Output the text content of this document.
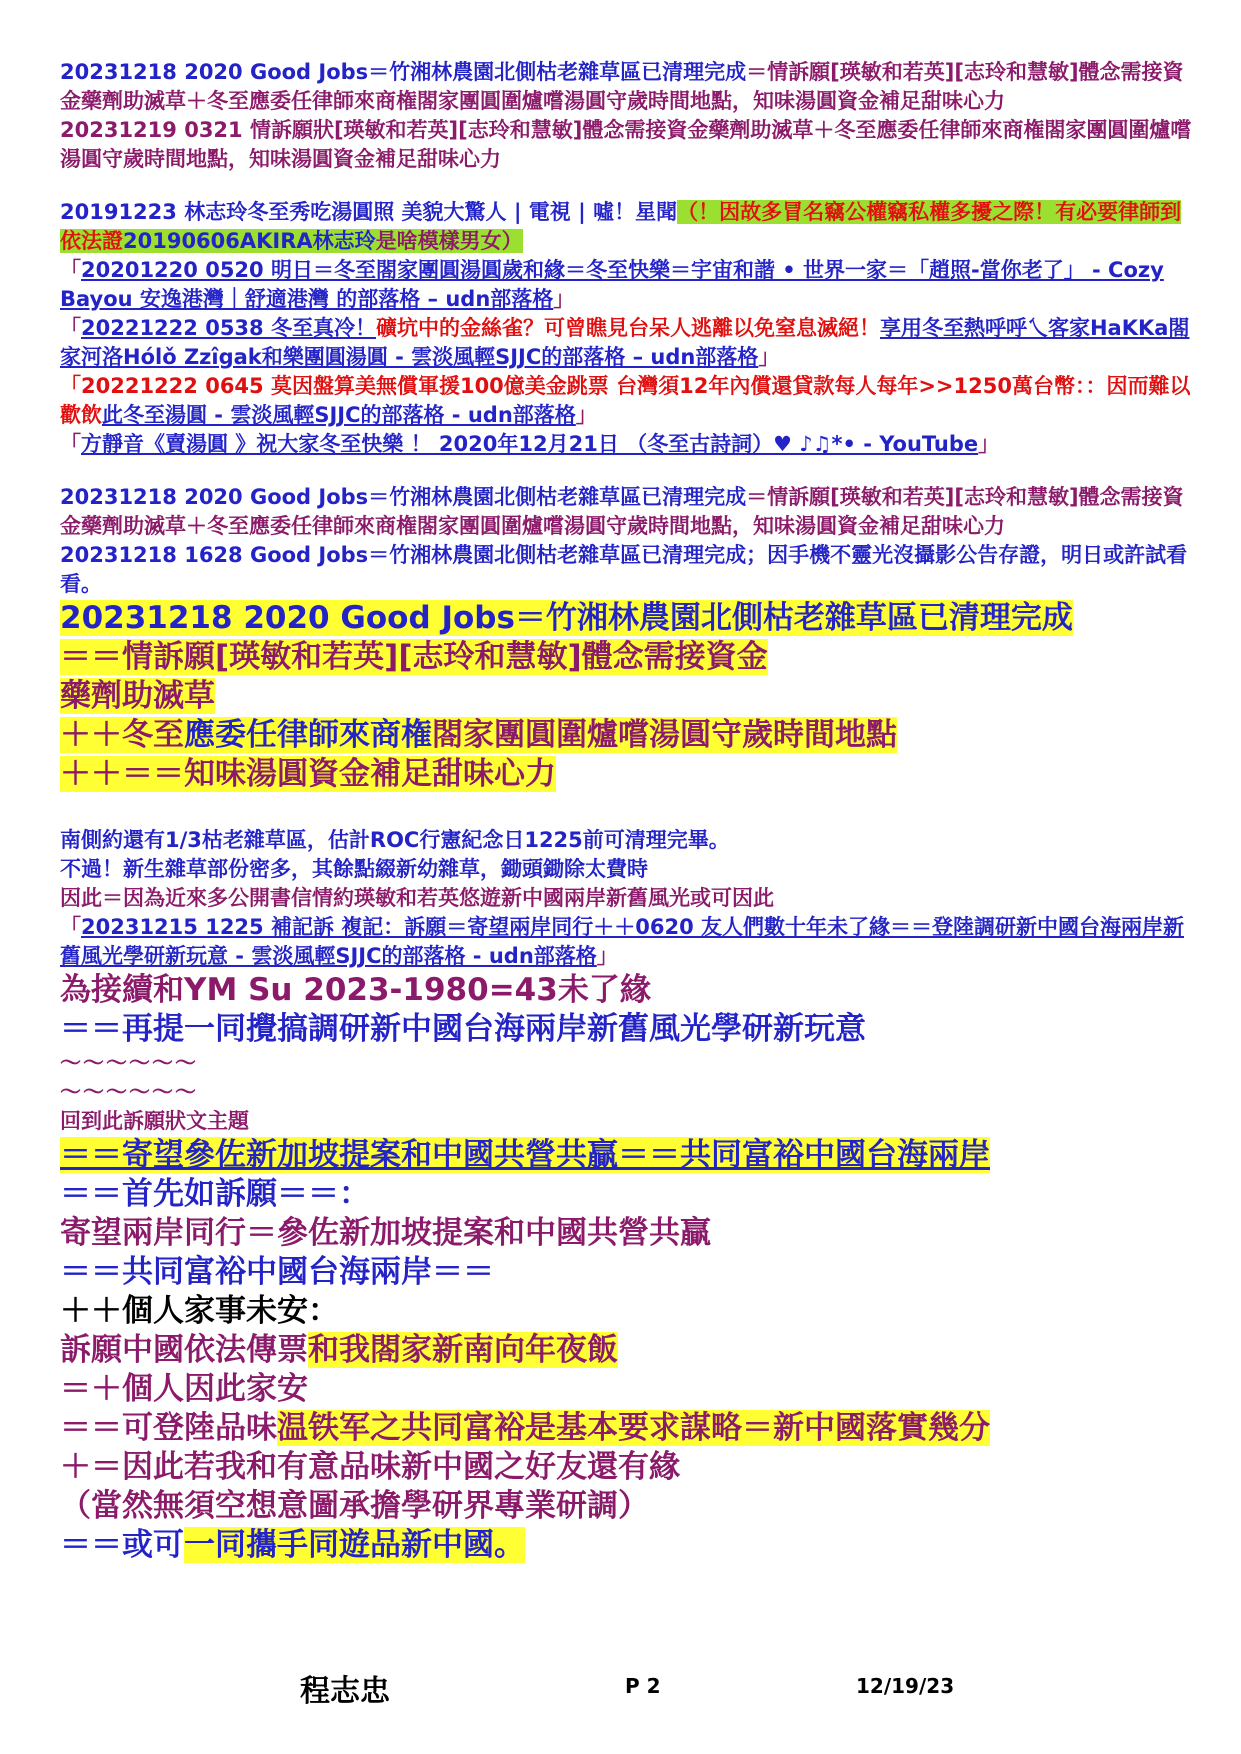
20231218 2020 Good Jobs＝竹湘林農園北側枯老雜草區已清理完成＝情訴願[瑛敏和若英][志玲和慧敏]體念需接資金藥劑助滅草＋冬至應委任律師來商権閤家團圓圍爐嚐湯圓守歲時間地點，知味湯圓資金補足甜味心力

20231219 0321 情訴願狀[瑛敏和若英][志玲和慧敏]體念需接資金藥劑助滅草＋冬至應委任律師來商権閤家團圓圍爐嚐湯圓守歲時間地點，知味湯圓資金補足甜味心力

20191223 林志玲冬至秀吃湯圓照 美貌大驚人 | 電視 | 噓！星聞（！因故多冒名竊公權竊私權多擾之際！有必要律師到依法證20190606AKIRA林志玲是啥模樣男女）

「20201220 0520 明日＝冬至閤家團圓湯圓歲和緣＝冬至快樂＝宇宙和諧 • 世界一家＝「趙照-當你老了」 - Cozy Bayou 安逸港灣｜舒適港灣 的部落格 – udn部落格」

「20221222 0538 冬至真冷！礦坑中的金絲雀？可曾瞧見台呆人逃離以免窒息滅絕！享用冬至熱呼呼乀客家HaKKa閤家河洛Hólǒ Zzîgak和樂團圓湯圓 - 雲淡風輕SJJC的部落格 – udn部落格」

「20221222 0645 莫因盤算美無償軍援100億美金跳票 台灣須12年內償還貸款每人每年>>1250萬台幣：：因而難以歡飲此冬至湯圓 - 雲淡風輕SJJC的部落格 - udn部落格」

「方靜音《賣湯圓 》祝大家冬至快樂 ！ 2020年12月21日 （冬至古詩詞）♥ ♪♫*• - YouTube」

20231218 2020 Good Jobs＝竹湘林農園北側枯老雜草區已清理完成＝情訴願[瑛敏和若英][志玲和慧敏]體念需接資金藥劑助滅草＋冬至應委任律師來商権閤家團圓圍爐嚐湯圓守歲時間地點，知味湯圓資金補足甜味心力

20231218 1628 Good Jobs＝竹湘林農園北側枯老雜草區已清理完成；因手機不靈光沒攝影公告存證，明日或許試看看。

20231218 2020 Good Jobs＝竹湘林農園北側枯老雜草區已清理完成

＝＝情訴願[瑛敏和若英][志玲和慧敏]體念需接資金

藥劑助滅草

＋＋冬至應委任律師來商権閤家團圓圍爐嚐湯圓守歲時間地點

＋＋＝＝知味湯圓資金補足甜味心力

南側約還有1/3枯老雜草區，估計ROC行憲紀念日1225前可清理完畢。

不過！新生雜草部份密多，其餘點綴新幼雜草，鋤頭鋤除太費時

因此＝因為近來多公開書信情約瑛敏和若英悠遊新中國兩岸新舊風光或可因此

「20231215 1225 補記訴 複記：訴願＝寄望兩岸同行＋＋0620 友人們數十年未了緣＝＝登陸調研新中國台海兩岸新舊風光學研新玩意 - 雲淡風輕SJJC的部落格 - udn部落格」

為接續和YM Su 2023-1980=43未了緣

＝＝再提一同攪搞調研新中國台海兩岸新舊風光學研新玩意

～～～～～～

～～～～～～

回到此訴願狀文主題

＝＝寄望參佐新加坡提案和中國共營共贏＝＝共同富裕中國台海兩岸

＝＝首先如訴願＝＝：

寄望兩岸同行＝參佐新加坡提案和中國共營共贏

＝＝共同富裕中國台海兩岸＝＝

＋＋個人家事未安：

訴願中國依法傳票和我閤家新南向年夜飯

＝＋個人因此家安

＝＝可登陸品味温铁军之共同富裕是基本要求謀略＝新中國落實幾分

＋＝因此若我和有意品味新中國之好友還有緣

（當然無須空想意圖承擔學研界專業研調）

＝＝或可一同攜手同遊品新中國。

程志忠	P 2	12/19/23
